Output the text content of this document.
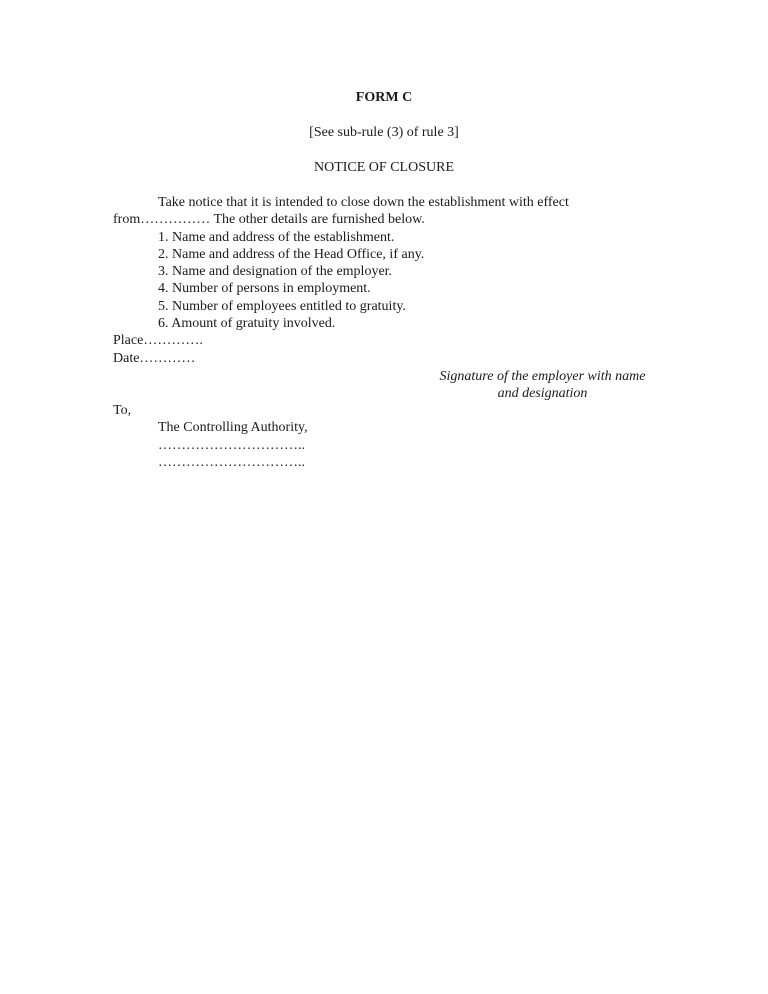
FORM C
[See sub-rule (3) of rule 3]
NOTICE OF CLOSURE

Take notice that it is intended to close down the establishment with effect
from…………… The other details are furnished below.

1. Name and address of the establishment.
2. Name and address of the Head Office, if any.
3. Name and designation of the employer.
4. Number of persons in employment.
5. Number of employees entitled to gratuity.
6. Amount of gratuity involved.
Place………….
Date…………
Signature of the employer with name
and designation
To,
The Controlling Authority,
…………………………..
…………………………..
